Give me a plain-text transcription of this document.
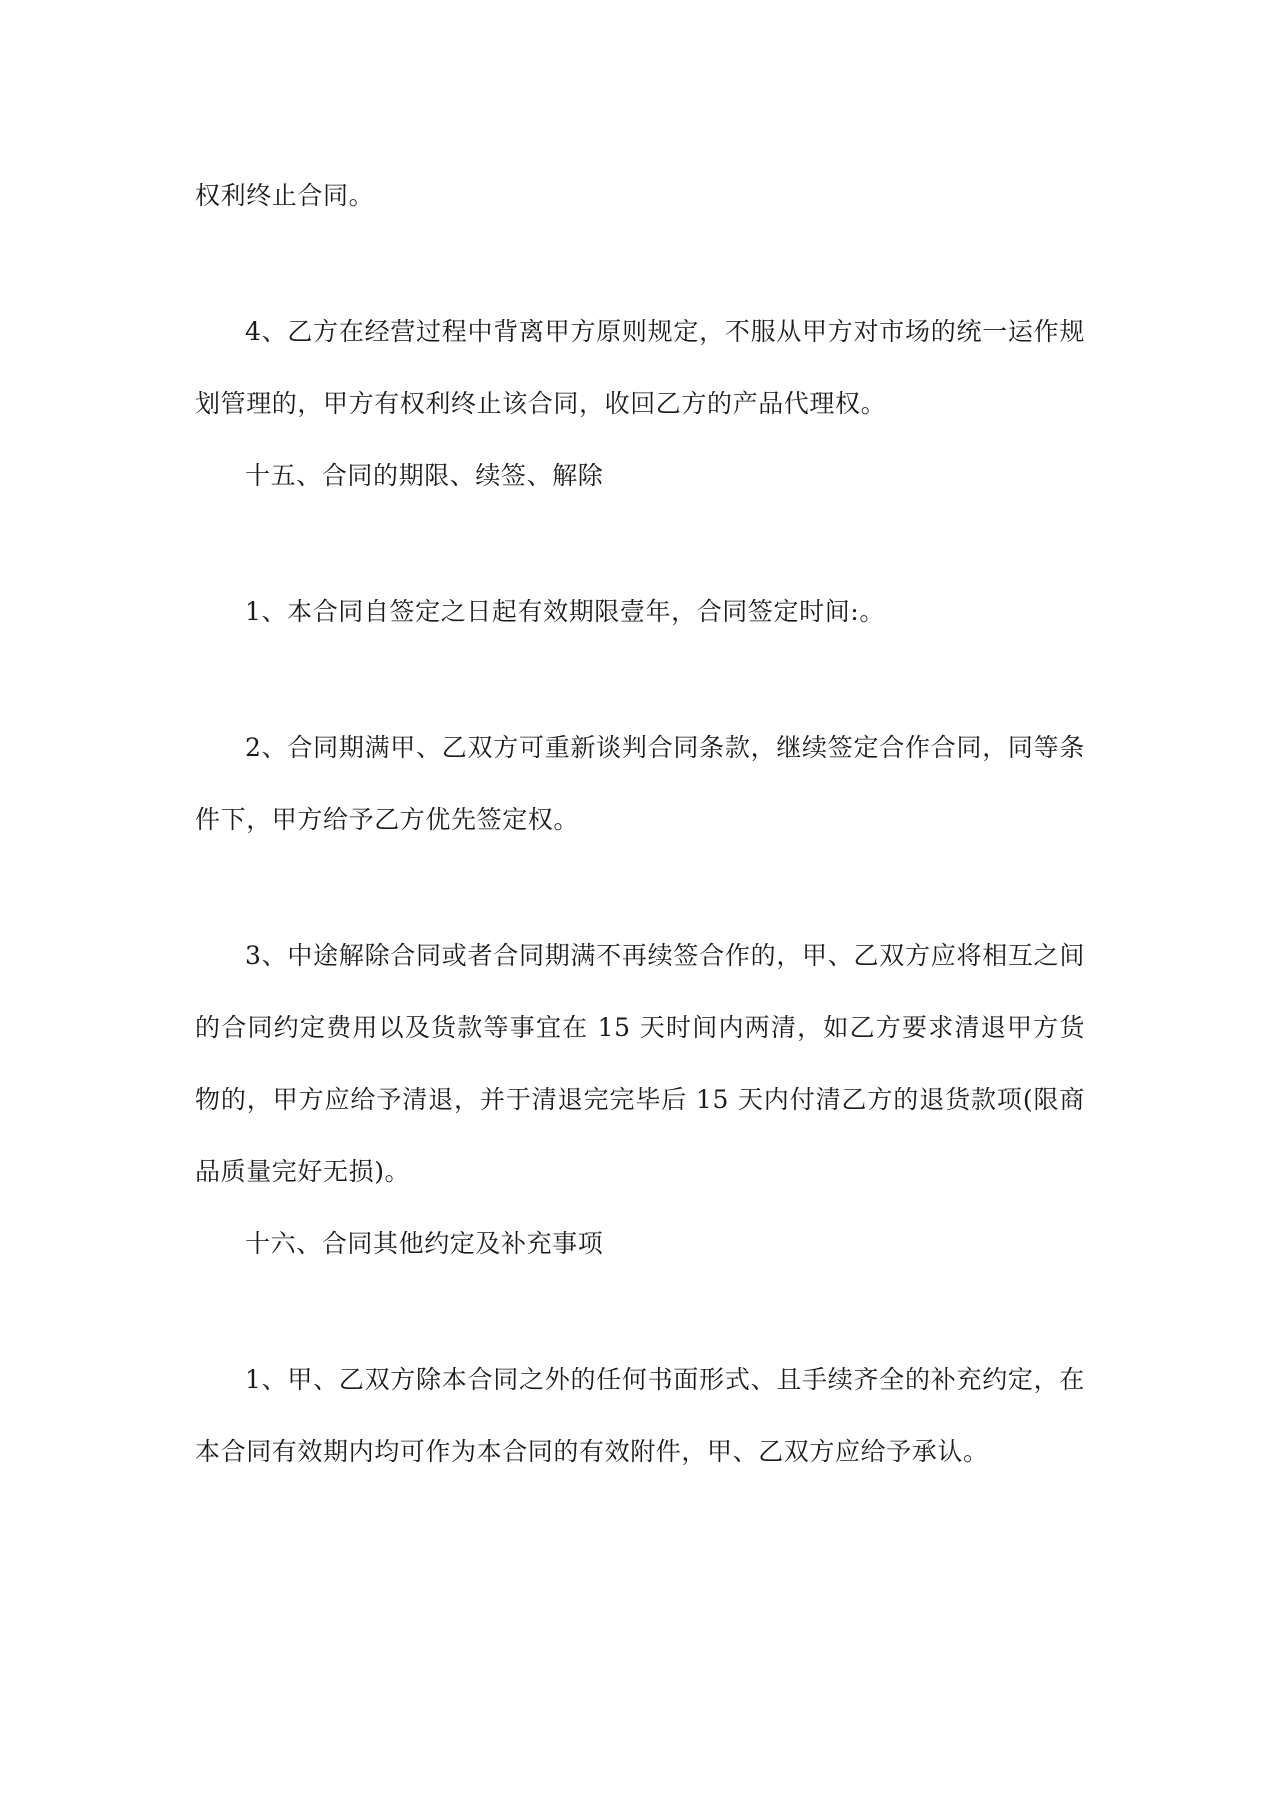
权利终止合同。

4、乙方在经营过程中背离甲方原则规定，不服从甲方对市场的统一运作规划管理的，甲方有权利终止该合同，收回乙方的产品代理权。

十五、合同的期限、续签、解除

1、本合同自签定之日起有效期限壹年，合同签定时间:。

2、合同期满甲、乙双方可重新谈判合同条款，继续签定合作合同，同等条件下，甲方给予乙方优先签定权。

3、中途解除合同或者合同期满不再续签合作的，甲、乙双方应将相互之间的合同约定费用以及货款等事宜在 15 天时间内两清，如乙方要求清退甲方货物的，甲方应给予清退，并于清退完完毕后 15 天内付清乙方的退货款项(限商品质量完好无损)。

十六、合同其他约定及补充事项

1、甲、乙双方除本合同之外的任何书面形式、且手续齐全的补充约定，在本合同有效期内均可作为本合同的有效附件，甲、乙双方应给予承认。
